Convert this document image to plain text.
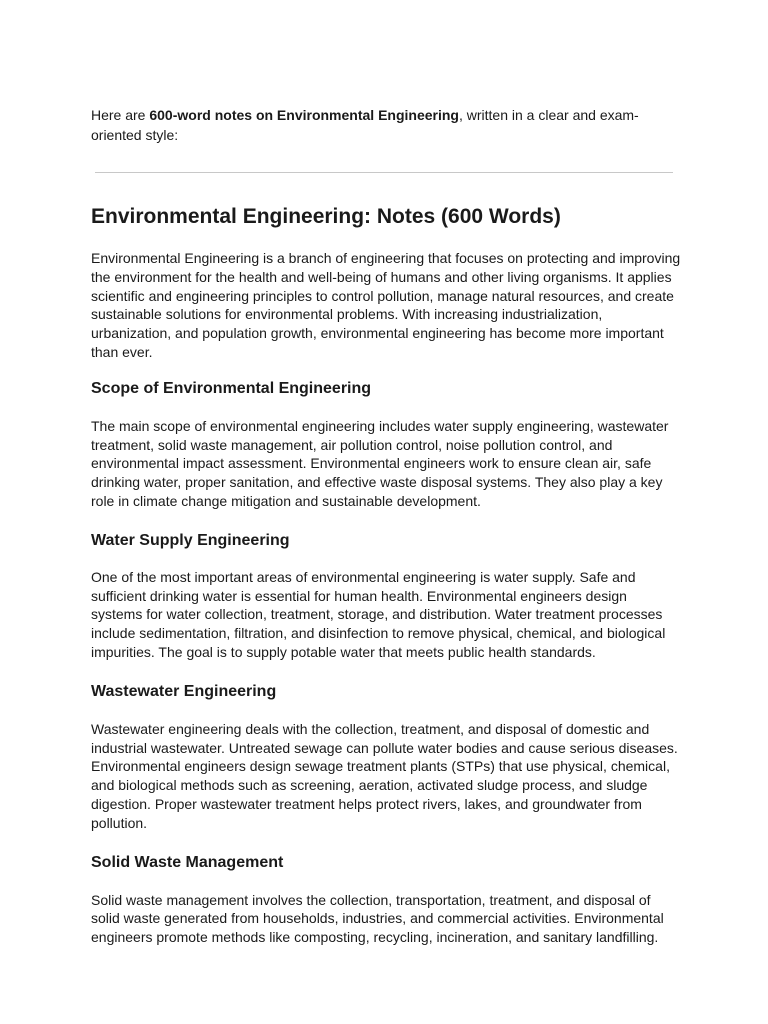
Here are 600-word notes on Environmental Engineering, written in a clear and exam-oriented style:

Environmental Engineering: Notes (600 Words)

Environmental Engineering is a branch of engineering that focuses on protecting and improving the environment for the health and well-being of humans and other living organisms. It applies scientific and engineering principles to control pollution, manage natural resources, and create sustainable solutions for environmental problems. With increasing industrialization, urbanization, and population growth, environmental engineering has become more important than ever.

Scope of Environmental Engineering

The main scope of environmental engineering includes water supply engineering, wastewater treatment, solid waste management, air pollution control, noise pollution control, and environmental impact assessment. Environmental engineers work to ensure clean air, safe drinking water, proper sanitation, and effective waste disposal systems. They also play a key role in climate change mitigation and sustainable development.

Water Supply Engineering

One of the most important areas of environmental engineering is water supply. Safe and sufficient drinking water is essential for human health. Environmental engineers design systems for water collection, treatment, storage, and distribution. Water treatment processes include sedimentation, filtration, and disinfection to remove physical, chemical, and biological impurities. The goal is to supply potable water that meets public health standards.

Wastewater Engineering

Wastewater engineering deals with the collection, treatment, and disposal of domestic and industrial wastewater. Untreated sewage can pollute water bodies and cause serious diseases. Environmental engineers design sewage treatment plants (STPs) that use physical, chemical, and biological methods such as screening, aeration, activated sludge process, and sludge digestion. Proper wastewater treatment helps protect rivers, lakes, and groundwater from pollution.

Solid Waste Management

Solid waste management involves the collection, transportation, treatment, and disposal of solid waste generated from households, industries, and commercial activities. Environmental engineers promote methods like composting, recycling, incineration, and sanitary landfilling.
